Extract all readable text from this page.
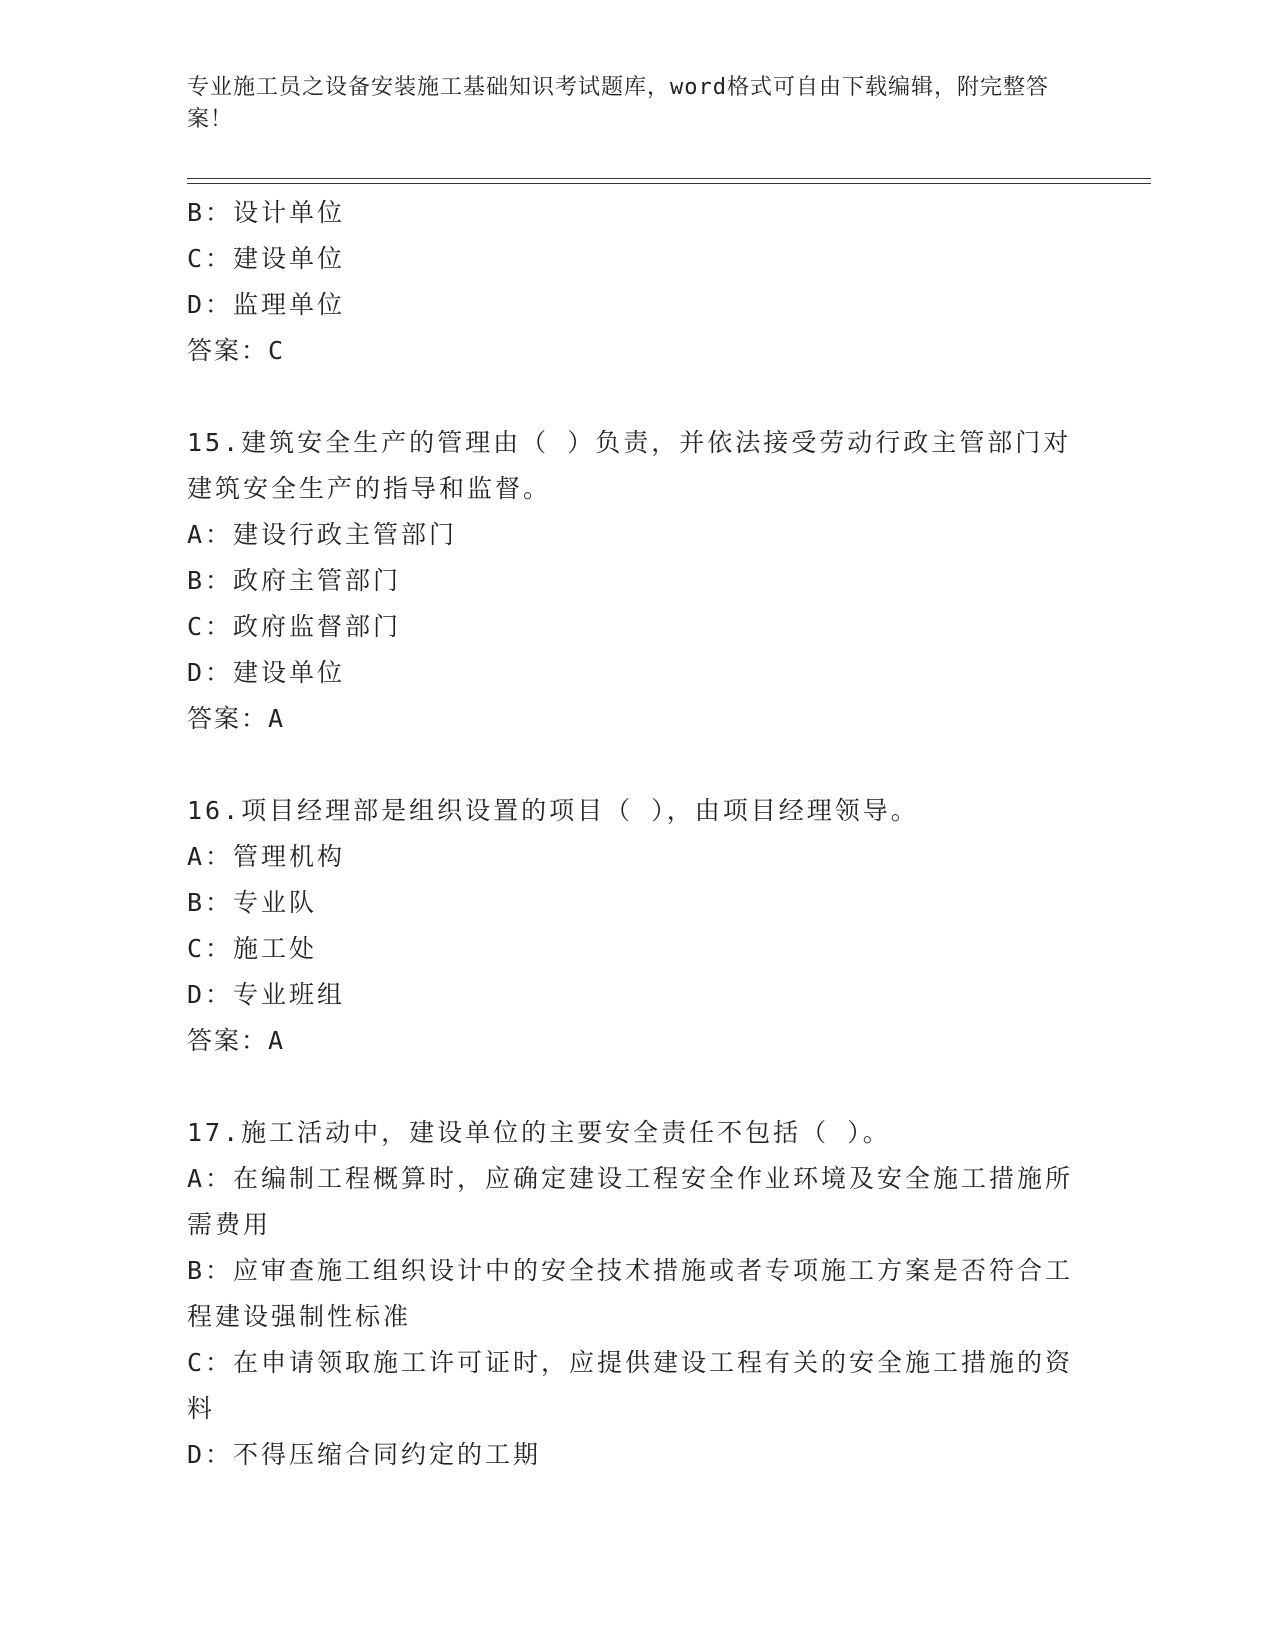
专业施工员之设备安装施工基础知识考试题库，word格式可自由下载编辑，附完整答案！
B：设计单位
C：建设单位
D：监理单位
答案：C
15.建筑安全生产的管理由（ ）负责，并依法接受劳动行政主管部门对建筑安全生产的指导和监督。
A：建设行政主管部门
B：政府主管部门
C：政府监督部门
D：建设单位
答案：A
16.项目经理部是组织设置的项目（ ），由项目经理领导。
A：管理机构
B：专业队
C：施工处
D：专业班组
答案：A
17.施工活动中，建设单位的主要安全责任不包括（ ）。
A：在编制工程概算时，应确定建设工程安全作业环境及安全施工措施所需费用
B：应审查施工组织设计中的安全技术措施或者专项施工方案是否符合工程建设强制性标准
C：在申请领取施工许可证时，应提供建设工程有关的安全施工措施的资料
D：不得压缩合同约定的工期
